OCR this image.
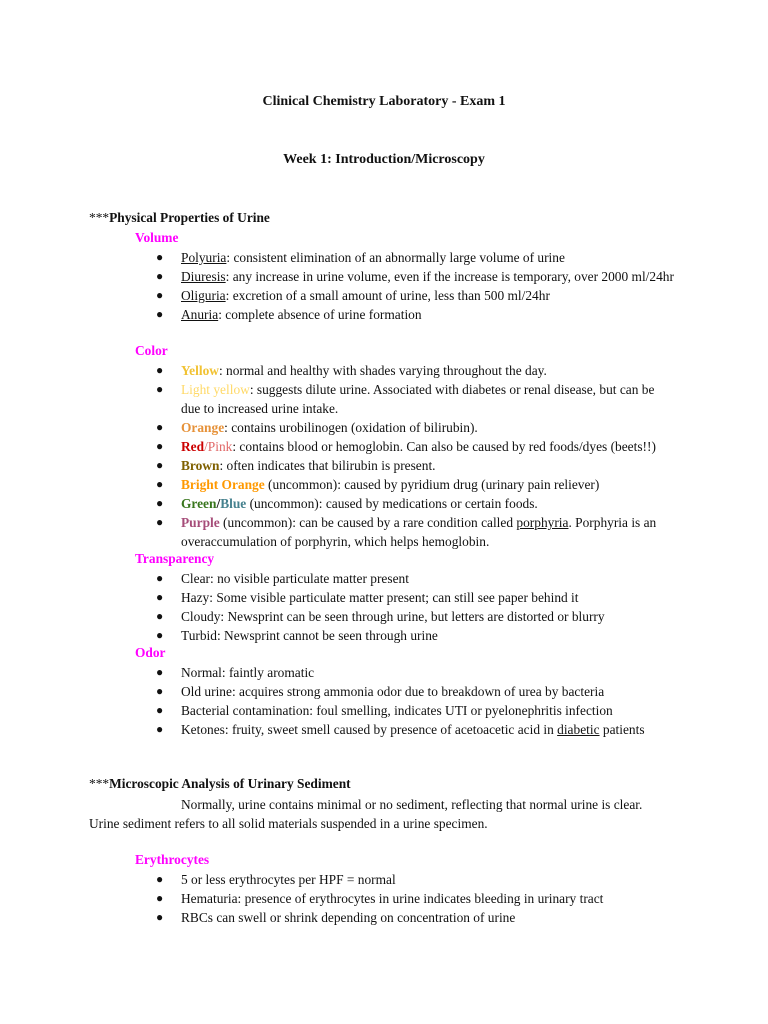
Clinical Chemistry Laboratory - Exam 1
Week 1: Introduction/Microscopy
***Physical Properties of Urine
Volume
● Polyuria: consistent elimination of an abnormally large volume of urine
● Diuresis: any increase in urine volume, even if the increase is temporary, over 2000 ml/24hr
● Oliguria: excretion of a small amount of urine, less than 500 ml/24hr
● Anuria: complete absence of urine formation
Color
● Yellow: normal and healthy with shades varying throughout the day.
● Light yellow: suggests dilute urine. Associated with diabetes or renal disease, but can be due to increased urine intake.
● Orange: contains urobilinogen (oxidation of bilirubin).
● Red/Pink: contains blood or hemoglobin. Can also be caused by red foods/dyes (beets!!)
● Brown: often indicates that bilirubin is present.
● Bright Orange (uncommon): caused by pyridium drug (urinary pain reliever)
● Green/Blue (uncommon): caused by medications or certain foods.
● Purple (uncommon): can be caused by a rare condition called porphyria. Porphyria is an overaccumulation of porphyrin, which helps hemoglobin.
Transparency
● Clear: no visible particulate matter present
● Hazy: Some visible particulate matter present; can still see paper behind it
● Cloudy: Newsprint can be seen through urine, but letters are distorted or blurry
● Turbid: Newsprint cannot be seen through urine
Odor
● Normal: faintly aromatic
● Old urine: acquires strong ammonia odor due to breakdown of urea by bacteria
● Bacterial contamination: foul smelling, indicates UTI or pyelonephritis infection
● Ketones: fruity, sweet smell caused by presence of acetoacetic acid in diabetic patients
***Microscopic Analysis of Urinary Sediment
Normally, urine contains minimal or no sediment, reflecting that normal urine is clear.
Urine sediment refers to all solid materials suspended in a urine specimen.
Erythrocytes
● 5 or less erythrocytes per HPF = normal
● Hematuria: presence of erythrocytes in urine indicates bleeding in urinary tract
● RBCs can swell or shrink depending on concentration of urine
